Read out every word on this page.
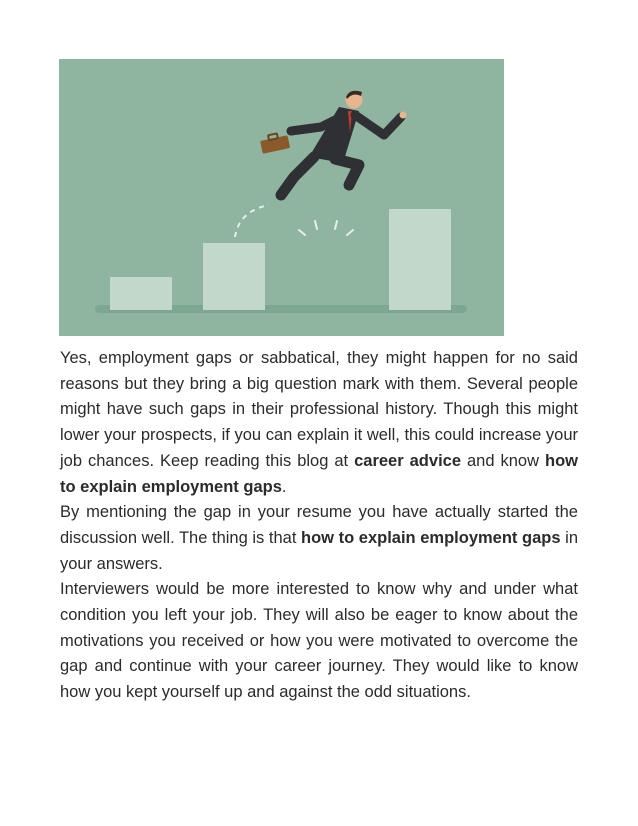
Yes, employment gaps or sabbatical, they might happen for no said reasons but they bring a big question mark with them. Several people might have such gaps in their professional history. Though this might lower your prospects, if you can explain it well, this could increase your job chances. Keep reading this blog at career advice and know how to explain employment gaps.

By mentioning the gap in your resume you have actually started the discussion well. The thing is that how to explain employment gaps in your answers.

Interviewers would be more interested to know why and under what condition you left your job. They will also be eager to know about the motivations you received or how you were motivated to overcome the gap and continue with your career journey. They would like to know how you kept yourself up and against the odd situations.
